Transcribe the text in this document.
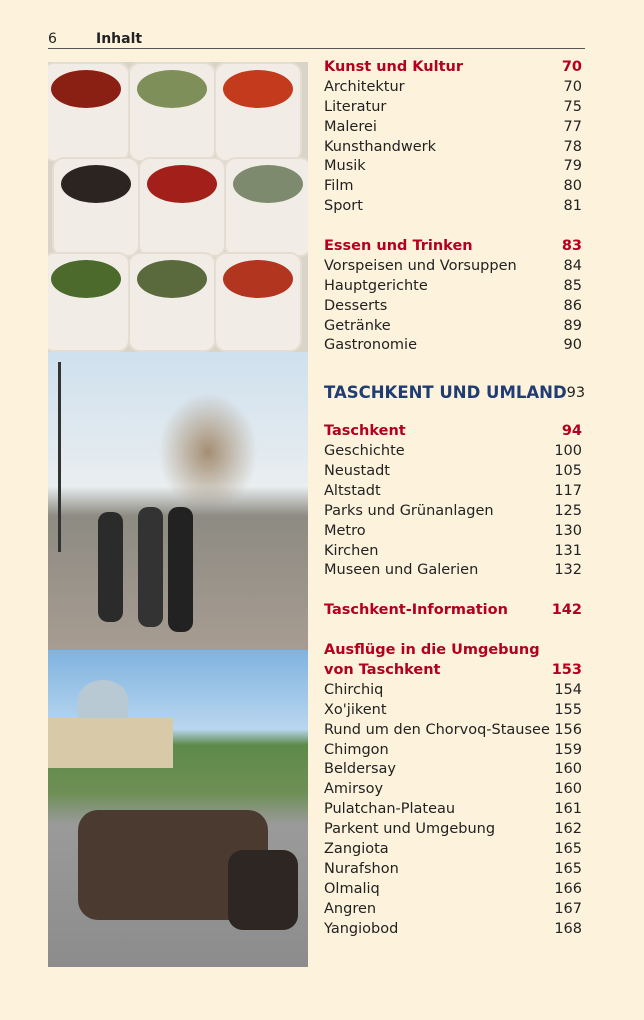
6	Inhalt
Kunst und Kultur	70
Architektur	70
Literatur	75
Malerei	77
Kunsthandwerk	78
Musik	79
Film	80
Sport	81
Essen und Trinken	83
Vorspeisen und Vorsuppen	84
Hauptgerichte	85
Desserts	86
Getränke	89
Gastronomie	90
TASCHKENT UND UMLAND 93
Taschkent	94
Geschichte	100
Neustadt	105
Altstadt	117
Parks und Grünanlagen	125
Metro	130
Kirchen	131
Museen und Galerien	132
Taschkent-Information	142
Ausflüge in die Umgebung
von Taschkent	153
Chirchiq	154
Xo'jikent	155
Rund um den Chorvoq-Stausee 156
Chimgon	159
Beldersay	160
Amirsoy	160
Pulatchan-Plateau	161
Parkent und Umgebung	162
Zangiota	165
Nurafshon	165
Olmaliq	166
Angren	167
Yangiobod	168
